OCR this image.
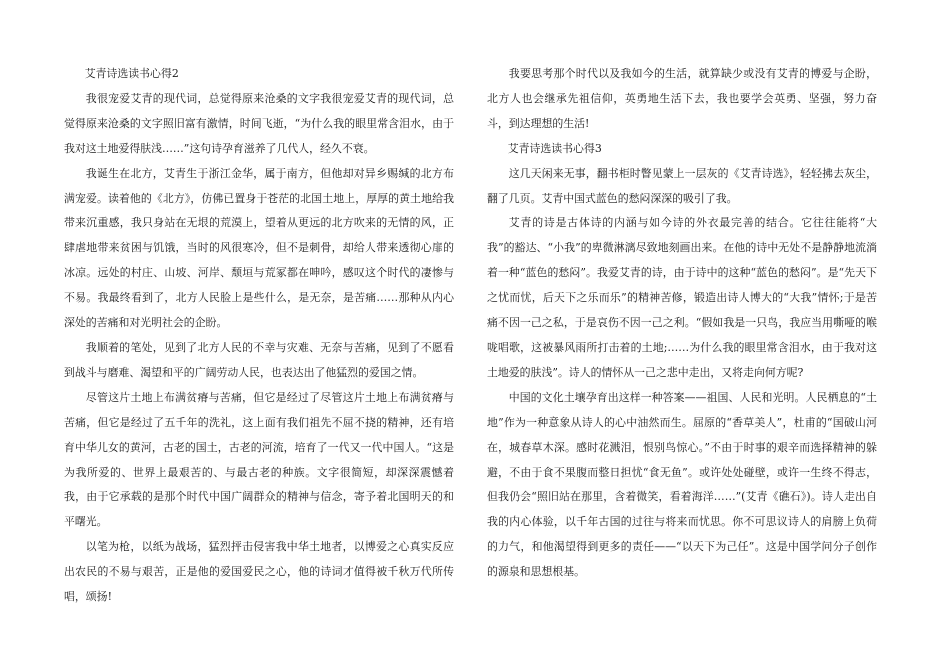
艾青诗选读书心得2

我很宠爱艾青的现代词，总觉得原来沧桑的文字我很宠爱艾青的现代词，总觉得原来沧桑的文字照旧富有激情，时间飞逝，“为什么我的眼里常含泪水，由于我对这土地爱得肤浅……”这句诗孕育滋养了几代人，经久不衰。

我诞生在北方，艾青生于浙江金华，属于南方，但他却对异乡赐缄的北方布满宠爱。读着他的《北方》，仿佛已置身于苍茫的北国土地上，厚厚的黄土地给我带来沉重感，我只身站在无垠的荒漠上，望着从更远的北方吹来的无情的风，正肆虐地带来贫困与饥饿，当时的风很寒冷，但不是刺骨，却给人带来透彻心扉的冰凉。远处的村庄、山坡、河岸、颓垣与荒冢都在呻吟，感叹这个时代的凄惨与不易。我最终看到了，北方人民脸上是些什么，是无奈，是苦痛……那种从内心深处的苦痛和对光明社会的企盼。

我顺着的笔处，见到了北方人民的不幸与灾难、无奈与苦痛，见到了不愿看到战斗与磨难、渴望和平的广阔劳动人民，也表达出了他猛烈的爱国之情。

尽管这片土地上布满贫瘠与苦痛，但它是经过了尽管这片土地上布满贫瘠与苦痛，但它是经过了五千年的洗礼，这上面有我们祖先不屈不挠的精神，还有培育中华儿女的黄河，古老的国土，古老的河流，培育了一代又一代中国人。“这是为我所爱的、世界上最艰苦的、与最古老的种族。文字很简短，却深深震憾着我，由于它承载的是那个时代中国广阔群众的精神与信念，寄予着北国明天的和平曙光。

以笔为枪，以纸为战场，猛烈抨击侵害我中华土地者，以博爱之心真实反应出农民的不易与艰苦，正是他的爱国爱民之心，他的诗词才值得被千秋万代所传唱，颂扬!

我要思考那个时代以及我如今的生活，就算缺少或没有艾青的博爱与企盼，北方人也会继承先祖信仰，英勇地生活下去，我也要学会英勇、坚强，努力奋斗，到达理想的生活!

艾青诗选读书心得3

这几天闲来无事，翻书柜时瞥见蒙上一层灰的《艾青诗选》，轻轻拂去灰尘，翻了几页。艾青中国式蓝色的愁闷深深的吸引了我。

艾青的诗是古体诗的内涵与如今诗的外衣最完善的结合。它往往能将“大我”的豁达、“小我”的卑微淋漓尽致地刻画出来。在他的诗中无处不是静静地流淌着一种“蓝色的愁闷”。我爱艾青的诗，由于诗中的这种“蓝色的愁闷”。是“先天下之忧而忧，后天下之乐而乐”的精神苦修，锻造出诗人博大的“大我”情怀;于是苦痛不因一己之私，于是哀伤不因一己之利。“假如我是一只鸟，我应当用嘶哑的喉咙唱歌，这被暴风雨所打击着的土地;……为什么我的眼里常含泪水，由于我对这土地爱的肤浅”。诗人的情怀从一己之悲中走出，又将走向何方呢?

中国的文化土壤孕育出这样一种答案——祖国、人民和光明。人民栖息的“土地”作为一种意象从诗人的心中油然而生。屈原的“香草美人”，杜甫的“国破山河在，城春草木深。感时花溅泪，恨别鸟惊心。”不由于时事的艰辛而选择精神的躲避，不由于食不果腹而整日担忧“食无鱼”。或许处处碰壁，或许一生终不得志，但我仍会“照旧站在那里，含着微笑，看着海洋……”(艾青《礁石》)。诗人走出自我的内心体验，以千年古国的过往与将来而忧思。你不可思议诗人的肩膀上负荷的力气，和他渴望得到更多的责任——“以天下为己任”。这是中国学问分子创作的源泉和思想根基。
